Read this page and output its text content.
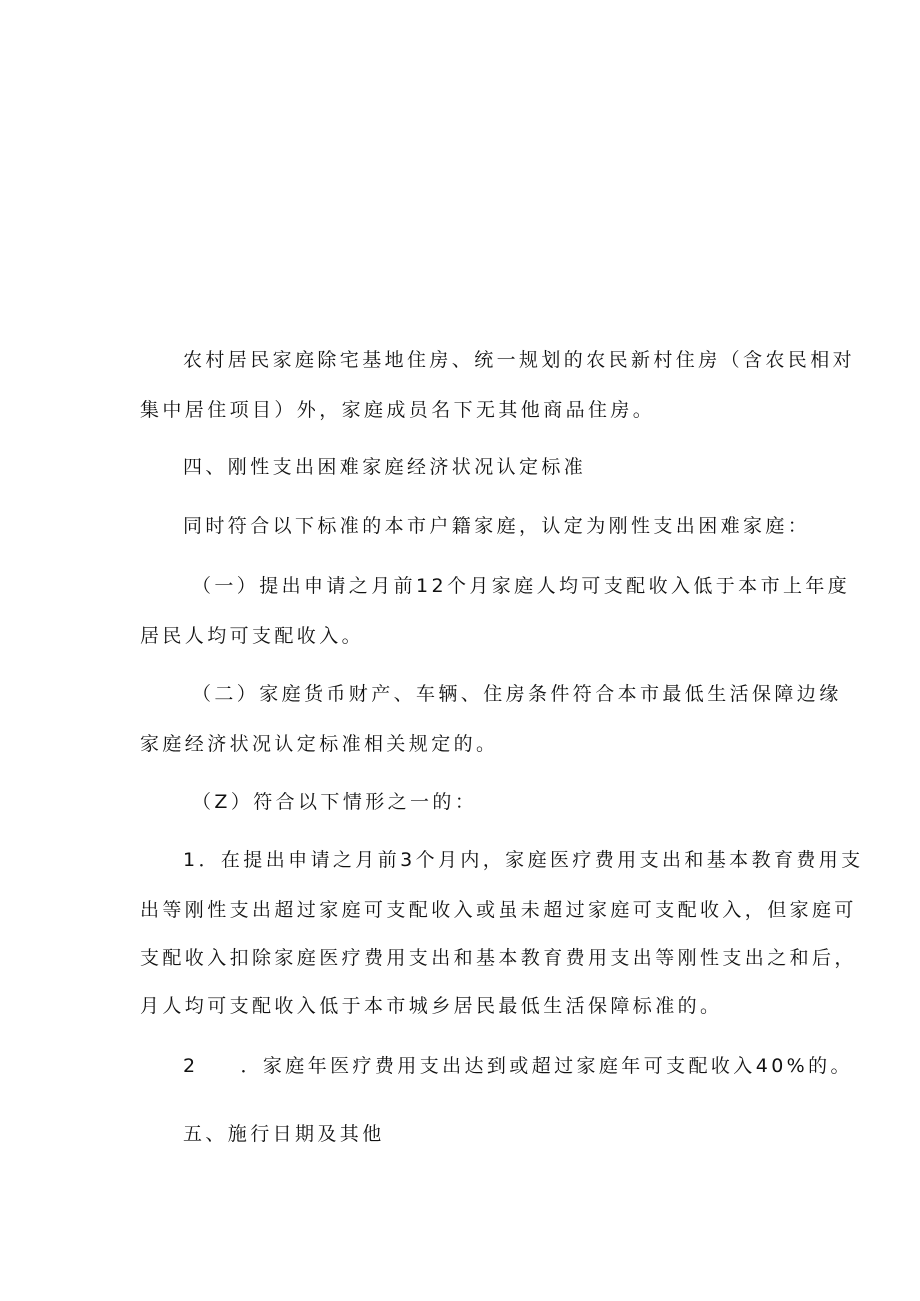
农村居民家庭除宅基地住房、统一规划的农民新村住房（含农民相对
集中居住项目）外，家庭成员名下无其他商品住房。
四、刚性支出困难家庭经济状况认定标准
同时符合以下标准的本市户籍家庭，认定为刚性支出困难家庭：
（一）提出申请之月前12个月家庭人均可支配收入低于本市上年度
居民人均可支配收入。
（二）家庭货币财产、车辆、住房条件符合本市最低生活保障边缘
家庭经济状况认定标准相关规定的。
（Z）符合以下情形之一的：
1．在提出申请之月前3个月内，家庭医疗费用支出和基本教育费用支
出等刚性支出超过家庭可支配收入或虽未超过家庭可支配收入，但家庭可
支配收入扣除家庭医疗费用支出和基本教育费用支出等刚性支出之和后，
月人均可支配收入低于本市城乡居民最低生活保障标准的。
2 ．家庭年医疗费用支出达到或超过家庭年可支配收入40%的。
五、施行日期及其他
